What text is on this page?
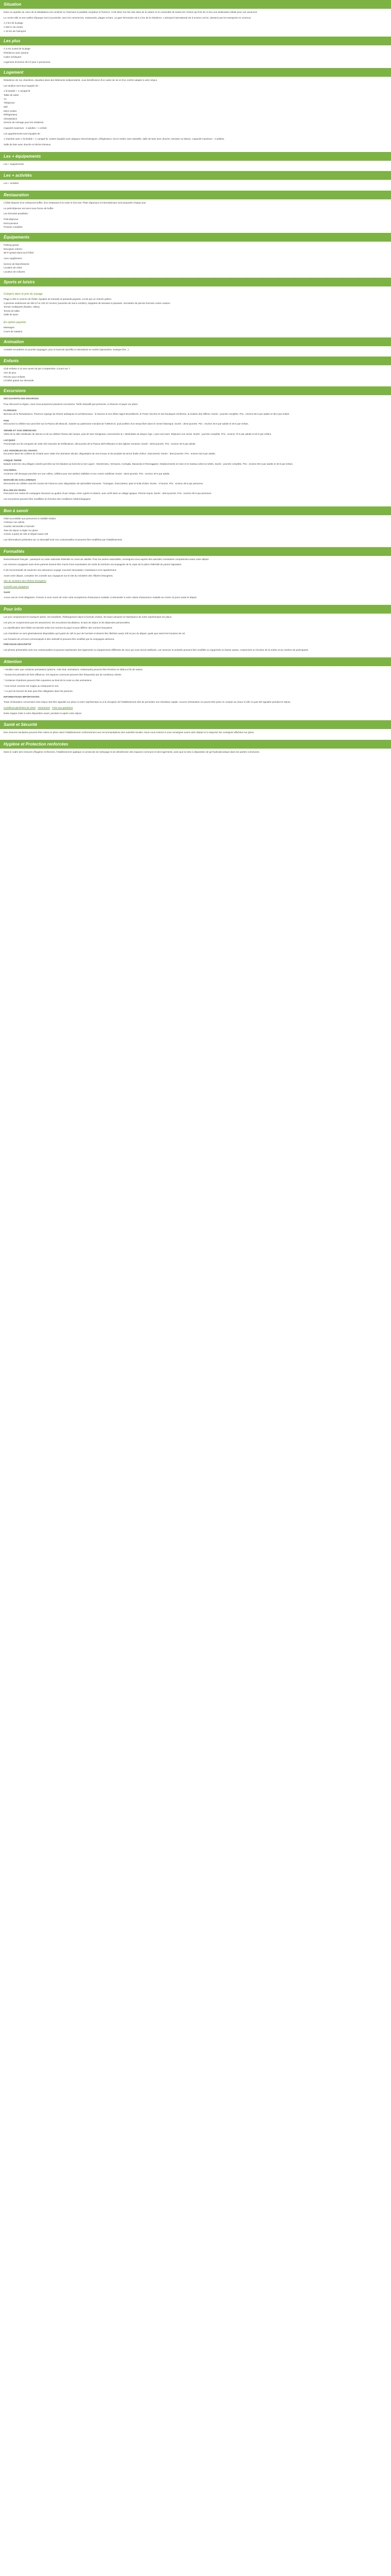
Situation

Dans un quartier du cœur de la Maddalena est construit ce charmant et paisible complexe à Florence. Il est situé non loin des sites de la culture et un ensemble de toutes les choses qui font de ce lieu une destination idéale pour vos vacances.

Le centre-ville et ses ruelles d'époque sont à proximité, avec les commerces, restaurants, plages et bars. La gare ferroviaire est à 2 km de la résidence. L'aéroport international est à environ 10 km, desservi par les transports en commun.

A 2 km de la plage

A 500 m du centre

A 10 km de l'aéroport

Les plus

A 3 mn à pied de la plage

Résidence avec piscine

Cadre verdoyant

Logement d'environ 30 m² pour 4 personnes.

Logement

Résidence de 111 chambres, réparties dans des bâtiments indépendants, vous bénéficierez d'un cadre de vie et d'un confort adapté à votre séjour.

Les studios sont tous équipés de :

1 lit double + 1 canapé-lit

Table de salon

TV

Téléphone

Wifi

Micro-ondes

Réfrigérateur

Climatisation

Service de ménage pour les résidents

Capacité maximum : 2 adultes + 1 enfant

Les appartements sont équipés de :

1 chambre avec 1 lit double + 1 canapé-lit, cuisine équipée avec plaques vitrocéramiques, réfrigérateur, micro-ondes, lave-vaisselle, salle de bain avec douche, terrasse ou balcon. Capacité maximum : 4 adultes.

Salle de bain avec douche et sèche-cheveux.

Les + équipements

Les + équipements

Les + activités

Les + activités

Restauration

L'hôtel dispose d'un restaurant buffet, d'un restaurant à la carte et d'un bar. Plats régionaux et internationaux sont proposés chaque jour.

Le petit-déjeuner est servi sous forme de buffet.

Les formules possibles :

Petit-déjeuner

Demi-pension

Pension complète

Équipements

Parking gratuit

Réception 24h/24

Wi-Fi gratuit dans tout l'hôtel

Avec supplément :

Service de blanchisserie

Location de vélos

Location de voitures

Sports et loisirs
Compris dans le prix du voyage

Plage à 400 m environ de l'hôtel, équipée de transats et parasols payants. Accès par un chemin piéton.

2 piscines extérieures de 300 m² et 100 m² environ (ouvertes de mai à octobre), équipées de transats et parasols. Serviettes de piscine fournies contre caution.

Terrain multisports (basket, volley).

Tennis de table.

Salle de sport.

En option payante

Massages

Cours de natation

Animation

Activités encadrées en journée (aquagym, jeux et tournois sportifs) et animations en soirée (spectacles, musique live...).

Enfants

Club enfants 4-12 ans ouvert de juin à septembre, 6 jours sur 7

Aire de jeux

Piscine pour enfants

Lit bébé gratuit sur demande

Excursions

DÉCOUVERTE DES ENVIRONS

Pour découvrir la région, nous vous proposons plusieurs excursions. Tarifs indicatifs par personne, à réserver et payer sur place.

FLORENCE

Berceau de la Renaissance, Florence regorge de trésors artistiques et architecturaux : le Duomo et son dôme signé Brunelleschi, le Ponte Vecchio et ses boutiques d'orfèvres, la Galerie des Offices. Durée : journée complète. Prix : environ 65 € par adulte et 35 € par enfant.

PISE

Découvrez la célèbre tour penchée sur la Piazza dei Miracoli, classée au patrimoine mondial de l'UNESCO, puis profitez d'un temps libre dans le centre historique. Durée : demi-journée. Prix : environ 45 € par adulte et 25 € par enfant.

SIENNE ET SAN GIMIGNANO

Visite de la ville médiévale de Sienne et de sa célèbre Piazza del Campo, puis de San Gimignano, surnommée la « Manhattan du Moyen Âge » pour ses tours. Déjeuner non inclus. Durée : journée complète. Prix : environ 70 € par adulte et 40 € par enfant.

LUCQUES

Promenade sur les remparts de cette cité entourée de fortifications, découverte de la Piazza dell'Anfiteatro et des églises romanes. Durée : demi-journée. Prix : environ 40 € par adulte.

LES VIGNOBLES DU CHIANTI

Excursion dans les collines du Chianti avec visite d'un domaine viticole, dégustation de vins locaux et de produits du terroir (huile d'olive, charcuterie). Durée : demi-journée. Prix : environ 55 € par adulte.

CINQUE TERRE

Balade entre les cinq villages colorés perchés sur les falaises au bord de la mer Ligure : Monterosso, Vernazza, Corniglia, Manarola et Riomaggiore. Déplacements en train et en bateau selon la météo. Durée : journée complète. Prix : environ 85 € par adulte et 45 € par enfant.

VOLTERRA

Ancienne cité étrusque perchée sur une colline, célèbre pour ses ateliers d'albâtre et son centre médiéval. Durée : demi-journée. Prix : environ 40 € par adulte.

MARCHÉ DE SAN LORENZO

Découverte du célèbre marché couvert de Florence avec dégustation de spécialités toscanes : fromages, charcuteries, pain et huile d'olive. Durée : 3 heures. Prix : environ 35 € par personne.

BALADE EN VESPA

Parcourez les routes de campagne toscanes au guidon d'une Vespa, entre cyprès et oliviers, avec arrêt dans un village typique. Permis requis. Durée : demi-journée. Prix : environ 90 € par personne.

Les excursions peuvent être modifiées en fonction des conditions météorologiques.

Bon à savoir

Hôtel accessible aux personnes à mobilité réduite

Animaux non admis

Caution demandée à l'arrivée

Taxe de séjour à régler sur place

Arrivée à partir de 15h et départ avant 10h

Les informations présentes sur ce descriptif sont non contractuelles et peuvent être modifiées par l'établissement.

Formalités

Ressortissants français : passeport ou carte nationale d'identité en cours de validité. Pour les autres nationalités, renseignez-vous auprès des autorités consulaires compétentes avant votre départ.

Les mineurs voyageant sans leurs parents doivent être munis d'une autorisation de sortie du territoire accompagnée de la copie de la pièce d'identité du parent signataire.

Il est recommandé de souscrire une assurance voyage couvrant l'annulation, l'assistance et le rapatriement.

Avant votre départ, consultez les conseils aux voyageurs sur le site du ministère des Affaires étrangères.

Site du ministère des Affaires étrangères

Conseils aux voyageurs

Santé

Aucun vaccin n'est obligatoire. Pensez à vous munir de votre carte européenne d'assurance maladie, à demander à votre caisse d'assurance maladie au moins 15 jours avant le départ.

Pour info

Les prix comprennent le transport aérien, les transferts, l'hébergement dans la formule choisie, les taxes aéroport et l'assistance de notre représentant sur place.

Les prix ne comprennent pas les assurances, les excursions facultatives, la taxe de séjour et les dépenses personnelles.

La classification des hôtels est donnée selon les normes du pays et peut différer des normes françaises.

Les chambres ne sont généralement disponibles qu'à partir de 15h le jour de l'arrivée et doivent être libérées avant 10h le jour du départ, quels que soient les horaires de vol.

Les horaires de vol sont communiqués à titre indicatif et peuvent être modifiés par la compagnie aérienne.

PRÉCISION DESCRIPTIF

Les photos présentées sont non contractuelles et peuvent représenter des logements ou équipements différents de ceux qui vous seront attribués. Les services et activités peuvent être modifiés ou supprimés en basse saison, notamment en fonction de la météo et du nombre de participants.

Attention

* Veuillez noter que certaines prestations (piscine, mini-club, animations, restaurants) peuvent être fermées en début et fin de saison.

* Durant les périodes de forte affluence, les espaces communs peuvent être fréquentés par de nombreux clients.

* Certaines chambres peuvent être exposées au bruit de la route ou des animations.

* Une tenue correcte est exigée au restaurant le soir.

* Le port du bonnet de bain peut être obligatoire dans les piscines.

INFORMATIONS IMPORTANTES

Toute réclamation concernant votre séjour doit être signalée sur place à notre représentant ou à la réception de l'établissement afin de permettre une résolution rapide. Aucune réclamation ne pourra être prise en compte au retour si elle n'a pas été signalée pendant le séjour.

Conditions générales de vente · Assurances · Foire aux questions

Notre équipe reste à votre disposition avant, pendant et après votre séjour.

Santé et Sécurité

Des mesures sanitaires peuvent être mises en place dans l'établissement conformément aux recommandations des autorités locales. Nous vous invitons à vous renseigner avant votre départ et à respecter les consignes affichées sur place.

Hygiène et Protection renforcées

Dans le cadre des mesures d'hygiène renforcées, l'établissement applique un protocole de nettoyage et de désinfection des espaces communs et des logements, ainsi que la mise à disposition de gel hydroalcoolique dans les parties communes.
